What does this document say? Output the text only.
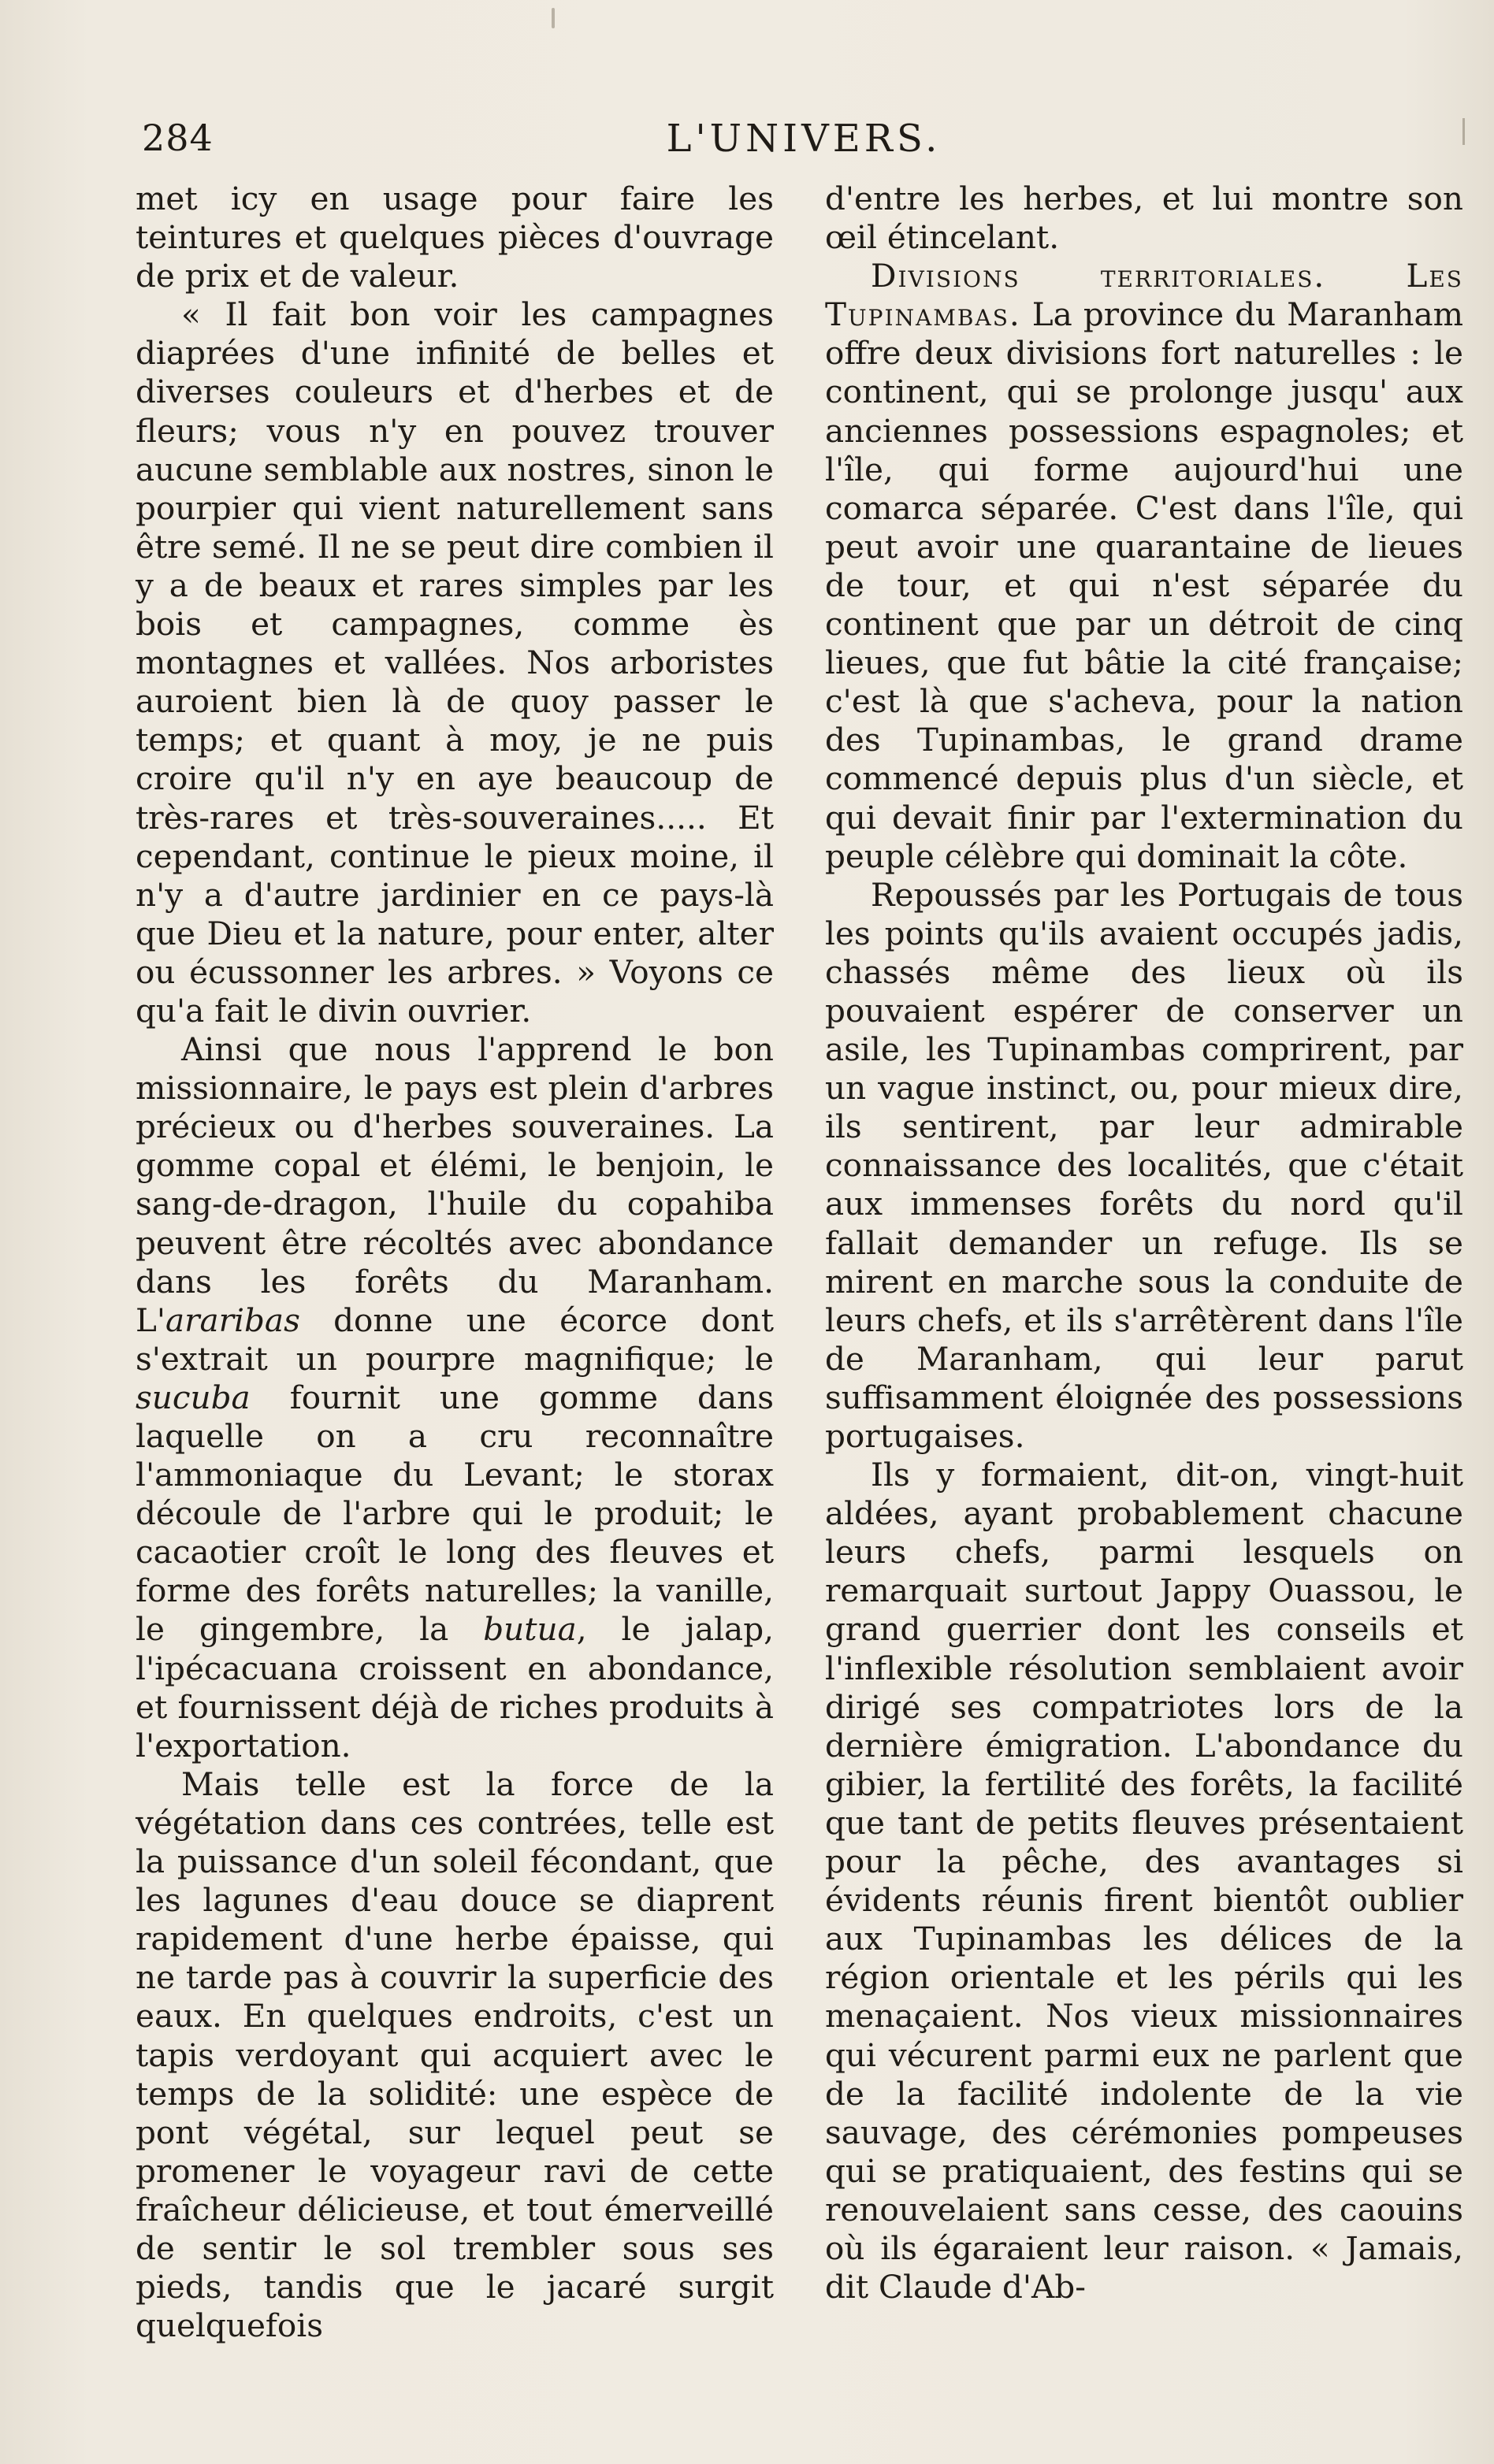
L'UNIVERS.
284

met icy en usage pour faire les teintures et quelques pièces d'ouvrage de prix et de valeur.

« Il fait bon voir les campagnes diaprées d'une infinité de belles et diverses couleurs et d'herbes et de fleurs; vous n'y en pouvez trouver aucune semblable aux nostres, sinon le pourpier qui vient naturellement sans être semé. Il ne se peut dire combien il y a de beaux et rares simples par les bois et campagnes, comme ès montagnes et vallées. Nos arboristes auroient bien là de quoy passer le temps; et quant à moy, je ne puis croire qu'il n'y en aye beaucoup de très-rares et très-souveraines..... Et cependant, continue le pieux moine, il n'y a d'autre jardinier en ce pays-là que Dieu et la nature, pour enter, alter ou écussonner les arbres. » Voyons ce qu'a fait le divin ouvrier.

Ainsi que nous l'apprend le bon missionnaire, le pays est plein d'arbres précieux ou d'herbes souveraines. La gomme copal et élémi, le benjoin, le sang-de-dragon, l'huile du copahiba peuvent être récoltés avec abondance dans les forêts du Maranham. L'araribas donne une écorce dont s'extrait un pourpre magnifique; le sucuba fournit une gomme dans laquelle on a cru reconnaître l'ammoniaque du Levant; le storax découle de l'arbre qui le produit; le cacaotier croît le long des fleuves et forme des forêts naturelles; la vanille, le gingembre, la butua, le jalap, l'ipécacuana croissent en abondance, et fournissent déjà de riches produits à l'exportation.

Mais telle est la force de la végétation dans ces contrées, telle est la puissance d'un soleil fécondant, que les lagunes d'eau douce se diaprent rapidement d'une herbe épaisse, qui ne tarde pas à couvrir la superficie des eaux. En quelques endroits, c'est un tapis verdoyant qui acquiert avec le temps de la solidité: une espèce de pont végétal, sur lequel peut se promener le voyageur ravi de cette fraîcheur délicieuse, et tout émerveillé de sentir le sol trembler sous ses pieds, tandis que le jacaré surgit quelquefois

d'entre les herbes, et lui montre son œil étincelant.

Divisions territoriales. Les Tupinambas. La province du Maranham offre deux divisions fort naturelles : le continent, qui se prolonge jusqu' aux anciennes possessions espagnoles; et l'île, qui forme aujourd'hui une comarca séparée. C'est dans l'île, qui peut avoir une quarantaine de lieues de tour, et qui n'est séparée du continent que par un détroit de cinq lieues, que fut bâtie la cité française; c'est là que s'acheva, pour la nation des Tupinambas, le grand drame commencé depuis plus d'un siècle, et qui devait finir par l'extermination du peuple célèbre qui dominait la côte.

Repoussés par les Portugais de tous les points qu'ils avaient occupés jadis, chassés même des lieux où ils pouvaient espérer de conserver un asile, les Tupinambas comprirent, par un vague instinct, ou, pour mieux dire, ils sentirent, par leur admirable connaissance des localités, que c'était aux immenses forêts du nord qu'il fallait demander un refuge. Ils se mirent en marche sous la conduite de leurs chefs, et ils s'arrêtèrent dans l'île de Maranham, qui leur parut suffisamment éloignée des possessions portugaises.

Ils y formaient, dit-on, vingt-huit aldées, ayant probablement chacune leurs chefs, parmi lesquels on remarquait surtout Jappy Ouassou, le grand guerrier dont les conseils et l'inflexible résolution semblaient avoir dirigé ses compatriotes lors de la dernière émigration. L'abondance du gibier, la fertilité des forêts, la facilité que tant de petits fleuves présentaient pour la pêche, des avantages si évidents réunis firent bientôt oublier aux Tupinambas les délices de la région orientale et les périls qui les menaçaient. Nos vieux missionnaires qui vécurent parmi eux ne parlent que de la facilité indolente de la vie sauvage, des cérémonies pompeuses qui se pratiquaient, des festins qui se renouvelaient sans cesse, des caouins où ils égaraient leur raison. « Jamais, dit Claude d'Ab-
